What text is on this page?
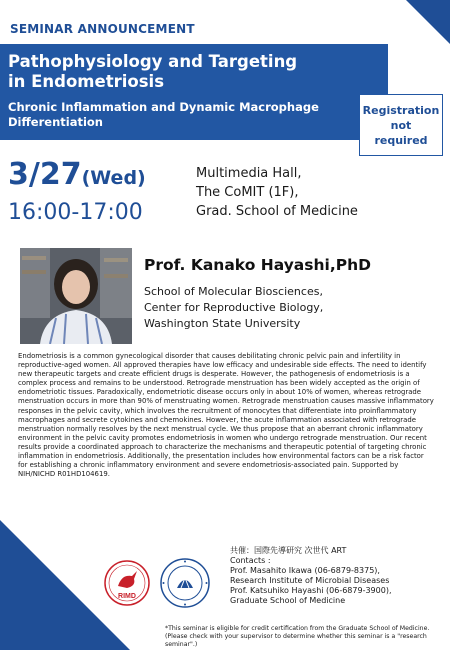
SEMINAR ANNOUNCEMENT
Pathophysiology and Targeting
in Endometriosis
Chronic Inflammation and Dynamic Macrophage
Differentiation
Registration
not
required
3/27(Wed)
16:00-17:00
Multimedia Hall,
The CoMIT (1F),
Grad. School of Medicine
Prof. Kanako Hayashi,PhD
School of Molecular Biosciences,
Center for Reproductive Biology,
Washington State University
Endometriosis is a common gynecological disorder that causes debilitating chronic pelvic pain and infertility in reproductive-aged women. All approved therapies have low efficacy and undesirable side effects. The need to identify new therapeutic targets and create efficient drugs is desperate. However, the pathogenesis of endometriosis is a complex process and remains to be understood. Retrograde menstruation has been widely accepted as the origin of endometriotic tissues. Paradoxically, endometriotic disease occurs only in about 10% of women, whereas retrograde menstruation occurs in more than 90% of menstruating women. Retrograde menstruation causes massive inflammatory responses in the pelvic cavity, which involves the recruitment of monocytes that differentiate into proinflammatory macrophages and secrete cytokines and chemokines. However, the acute inflammation associated with retrograde menstruation normally resolves by the next menstrual cycle. We thus propose that an aberrant chronic inflammatory environment in the pelvic cavity promotes endometriosis in women who undergo retrograde menstruation. Our recent results provide a coordinated approach to characterize the mechanisms and therapeutic potential of targeting chronic inflammation in endometriosis. Additionally, the presentation includes how environmental factors can be a risk factor for establishing a chronic inflammatory environment and severe endometriosis-associated pain. Supported by NIH/NICHD R01HD104619.
RIMD
共催：国際先導研究 次世代 ART
Contacts :
Prof. Masahito Ikawa (06-6879-8375),
Research Institute of Microbial Diseases
Prof. Katsuhiko Hayashi (06-6879-3900),
Graduate School of Medicine
*This seminar is eligible for credit certification from the Graduate School of Medicine. (Please check with your supervisor to determine whether this seminar is a "research seminar".)
